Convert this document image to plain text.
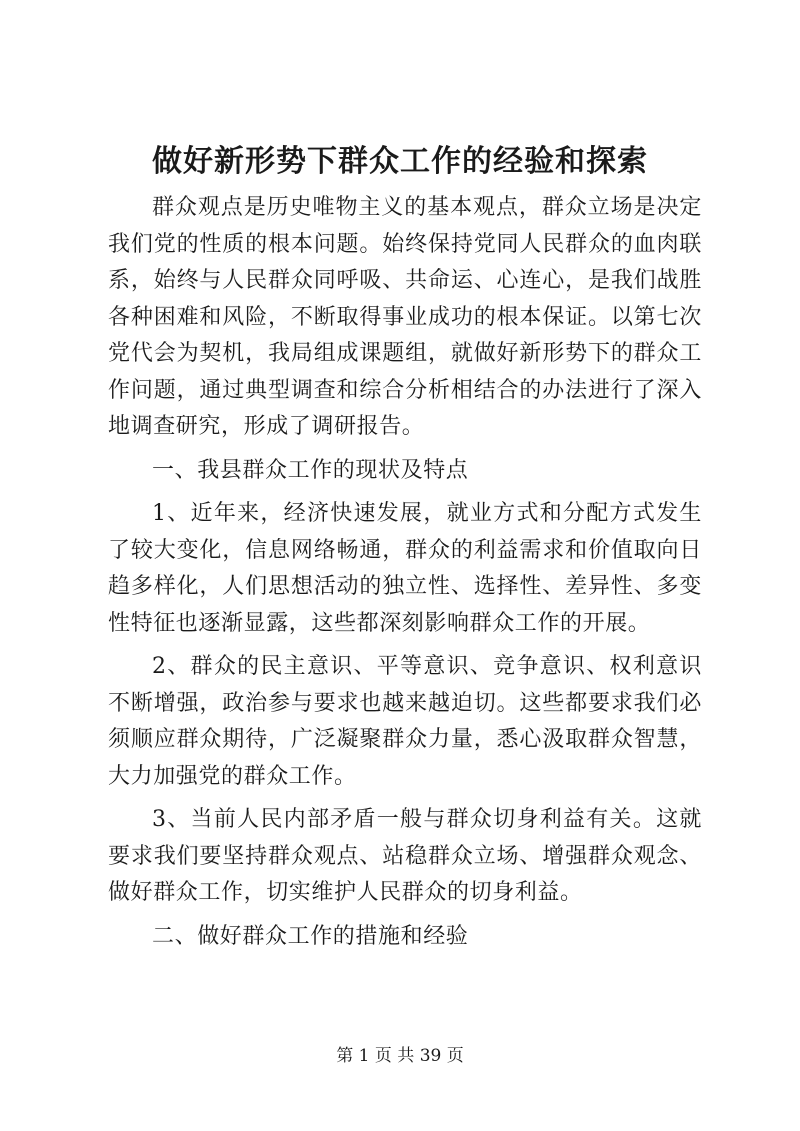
做好新形势下群众工作的经验和探索

群众观点是历史唯物主义的基本观点，群众立场是决定我们党的性质的根本问题。始终保持党同人民群众的血肉联系，始终与人民群众同呼吸、共命运、心连心，是我们战胜各种困难和风险，不断取得事业成功的根本保证。以第七次党代会为契机，我局组成课题组，就做好新形势下的群众工作问题，通过典型调查和综合分析相结合的办法进行了深入地调查研究，形成了调研报告。

一、我县群众工作的现状及特点

1、近年来，经济快速发展，就业方式和分配方式发生了较大变化，信息网络畅通，群众的利益需求和价值取向日趋多样化，人们思想活动的独立性、选择性、差异性、多变性特征也逐渐显露，这些都深刻影响群众工作的开展。

2、群众的民主意识、平等意识、竞争意识、权利意识不断增强，政治参与要求也越来越迫切。这些都要求我们必须顺应群众期待，广泛凝聚群众力量，悉心汲取群众智慧，大力加强党的群众工作。

3、当前人民内部矛盾一般与群众切身利益有关。这就要求我们要坚持群众观点、站稳群众立场、增强群众观念、做好群众工作，切实维护人民群众的切身利益。

二、做好群众工作的措施和经验

第 1 页 共 39 页
